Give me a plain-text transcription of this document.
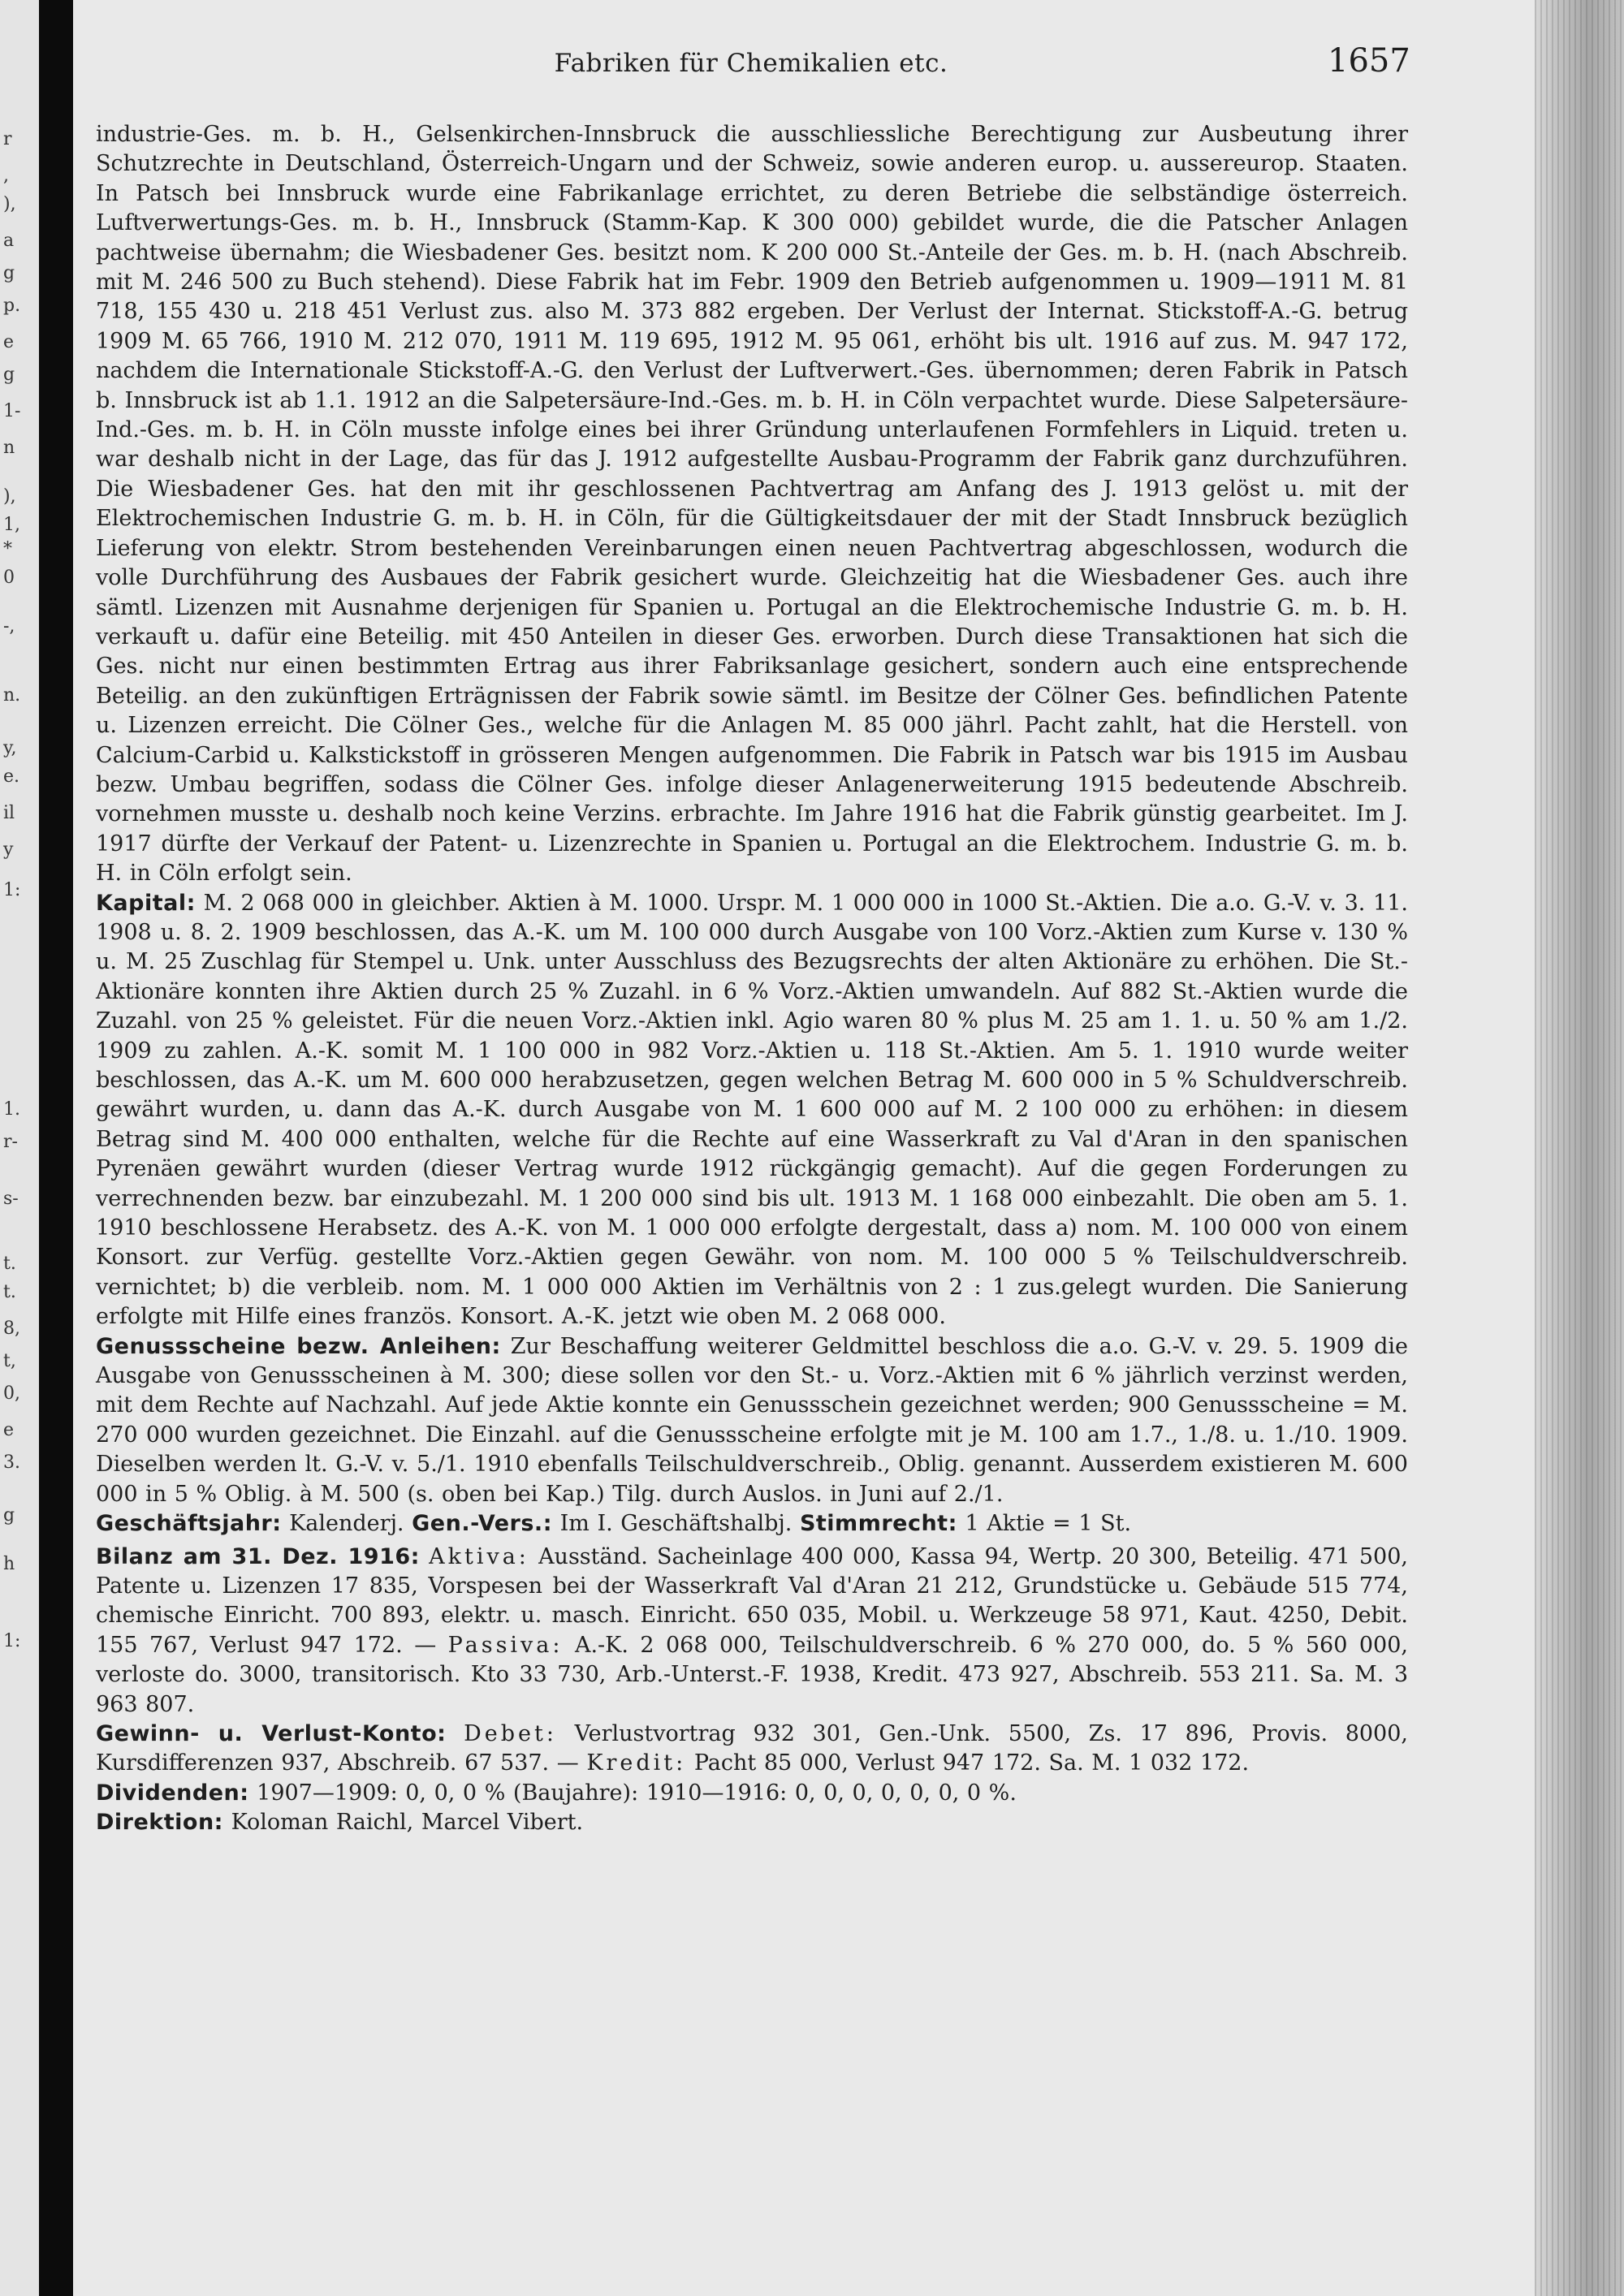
r
,
),
a
g
p.
e
g
1-
n
),
1,
*
0
-,
n.
y,
e.
il
y
1:
1.
r-
s-
t.
t.
8,
t,
0,
e
3.
g
h
1:
Fabriken für Chemikalien etc.	1657

industrie-Ges. m. b. H., Gelsenkirchen-Innsbruck die ausschliessliche Berechtigung zur Ausbeutung ihrer Schutzrechte in Deutschland, Österreich-Ungarn und der Schweiz, sowie anderen europ. u. aussereurop. Staaten. In Patsch bei Innsbruck wurde eine Fabrikanlage errichtet, zu deren Betriebe die selbständige österreich. Luftverwertungs-Ges. m. b. H., Innsbruck (Stamm-Kap. K 300 000) gebildet wurde, die die Patscher Anlagen pachtweise übernahm; die Wiesbadener Ges. besitzt nom. K 200 000 St.-Anteile der Ges. m. b. H. (nach Abschreib. mit M. 246 500 zu Buch stehend). Diese Fabrik hat im Febr. 1909 den Betrieb aufgenommen u. 1909—1911 M. 81 718, 155 430 u. 218 451 Verlust zus. also M. 373 882 ergeben. Der Verlust der Internat. Stickstoff-A.-G. betrug 1909 M. 65 766, 1910 M. 212 070, 1911 M. 119 695, 1912 M. 95 061, erhöht bis ult. 1916 auf zus. M. 947 172, nachdem die Internationale Stickstoff-A.-G. den Verlust der Luftverwert.-Ges. übernommen; deren Fabrik in Patsch b. Innsbruck ist ab 1.1. 1912 an die Salpetersäure-Ind.-Ges. m. b. H. in Cöln verpachtet wurde. Diese Salpetersäure-Ind.-Ges. m. b. H. in Cöln musste infolge eines bei ihrer Gründung unterlaufenen Formfehlers in Liquid. treten u. war deshalb nicht in der Lage, das für das J. 1912 aufgestellte Ausbau-Programm der Fabrik ganz durchzuführen. Die Wiesbadener Ges. hat den mit ihr geschlossenen Pachtvertrag am Anfang des J. 1913 gelöst u. mit der Elektrochemischen Industrie G. m. b. H. in Cöln, für die Gültigkeitsdauer der mit der Stadt Innsbruck bezüglich Lieferung von elektr. Strom bestehenden Vereinbarungen einen neuen Pachtvertrag abgeschlossen, wodurch die volle Durchführung des Ausbaues der Fabrik gesichert wurde. Gleichzeitig hat die Wiesbadener Ges. auch ihre sämtl. Lizenzen mit Ausnahme derjenigen für Spanien u. Portugal an die Elektrochemische Industrie G. m. b. H. verkauft u. dafür eine Beteilig. mit 450 Anteilen in dieser Ges. erworben. Durch diese Transaktionen hat sich die Ges. nicht nur einen bestimmten Ertrag aus ihrer Fabriksanlage gesichert, sondern auch eine entsprechende Beteilig. an den zukünftigen Erträgnissen der Fabrik sowie sämtl. im Besitze der Cölner Ges. befindlichen Patente u. Lizenzen erreicht. Die Cölner Ges., welche für die Anlagen M. 85 000 jährl. Pacht zahlt, hat die Herstell. von Calcium-Carbid u. Kalkstickstoff in grösseren Mengen aufgenommen. Die Fabrik in Patsch war bis 1915 im Ausbau bezw. Umbau begriffen, sodass die Cölner Ges. infolge dieser Anlagenerweiterung 1915 bedeutende Abschreib. vornehmen musste u. deshalb noch keine Verzins. erbrachte. Im Jahre 1916 hat die Fabrik günstig gearbeitet. Im J. 1917 dürfte der Verkauf der Patent- u. Lizenzrechte in Spanien u. Portugal an die Elektrochem. Industrie G. m. b. H. in Cöln erfolgt sein.

Kapital: M. 2 068 000 in gleichber. Aktien à M. 1000. Urspr. M. 1 000 000 in 1000 St.-Aktien. Die a.o. G.-V. v. 3. 11. 1908 u. 8. 2. 1909 beschlossen, das A.-K. um M. 100 000 durch Ausgabe von 100 Vorz.-Aktien zum Kurse v. 130 % u. M. 25 Zuschlag für Stempel u. Unk. unter Ausschluss des Bezugsrechts der alten Aktionäre zu erhöhen. Die St.-Aktionäre konnten ihre Aktien durch 25 % Zuzahl. in 6 % Vorz.-Aktien umwandeln. Auf 882 St.-Aktien wurde die Zuzahl. von 25 % geleistet. Für die neuen Vorz.-Aktien inkl. Agio waren 80 % plus M. 25 am 1. 1. u. 50 % am 1./2. 1909 zu zahlen. A.-K. somit M. 1 100 000 in 982 Vorz.-Aktien u. 118 St.-Aktien. Am 5. 1. 1910 wurde weiter beschlossen, das A.-K. um M. 600 000 herabzusetzen, gegen welchen Betrag M. 600 000 in 5 % Schuldverschreib. gewährt wurden, u. dann das A.-K. durch Ausgabe von M. 1 600 000 auf M. 2 100 000 zu erhöhen: in diesem Betrag sind M. 400 000 enthalten, welche für die Rechte auf eine Wasserkraft zu Val d'Aran in den spanischen Pyrenäen gewährt wurden (dieser Vertrag wurde 1912 rückgängig gemacht). Auf die gegen Forderungen zu verrechnenden bezw. bar einzubezahl. M. 1 200 000 sind bis ult. 1913 M. 1 168 000 einbezahlt. Die oben am 5. 1. 1910 beschlossene Herabsetz. des A.-K. von M. 1 000 000 erfolgte dergestalt, dass a) nom. M. 100 000 von einem Konsort. zur Verfüg. gestellte Vorz.-Aktien gegen Gewähr. von nom. M. 100 000 5 % Teilschuldverschreib. vernichtet; b) die verbleib. nom. M. 1 000 000 Aktien im Verhältnis von 2 : 1 zus.gelegt wurden. Die Sanierung erfolgte mit Hilfe eines französ. Konsort. A.-K. jetzt wie oben M. 2 068 000.

Genussscheine bezw. Anleihen: Zur Beschaffung weiterer Geldmittel beschloss die a.o. G.-V. v. 29. 5. 1909 die Ausgabe von Genussscheinen à M. 300; diese sollen vor den St.- u. Vorz.-Aktien mit 6 % jährlich verzinst werden, mit dem Rechte auf Nachzahl. Auf jede Aktie konnte ein Genussschein gezeichnet werden; 900 Genussscheine = M. 270 000 wurden gezeichnet. Die Einzahl. auf die Genussscheine erfolgte mit je M. 100 am 1.7., 1./8. u. 1./10. 1909. Dieselben werden lt. G.-V. v. 5./1. 1910 ebenfalls Teilschuldverschreib., Oblig. genannt. Ausserdem existieren M. 600 000 in 5 % Oblig. à M. 500 (s. oben bei Kap.) Tilg. durch Auslos. in Juni auf 2./1.

Geschäftsjahr: Kalenderj. Gen.-Vers.: Im I. Geschäftshalbj. Stimmrecht: 1 Aktie = 1 St.

Bilanz am 31. Dez. 1916: Aktiva: Ausständ. Sacheinlage 400 000, Kassa 94, Wertp. 20 300, Beteilig. 471 500, Patente u. Lizenzen 17 835, Vorspesen bei der Wasserkraft Val d'Aran 21 212, Grundstücke u. Gebäude 515 774, chemische Einricht. 700 893, elektr. u. masch. Einricht. 650 035, Mobil. u. Werkzeuge 58 971, Kaut. 4250, Debit. 155 767, Verlust 947 172. — Passiva: A.-K. 2 068 000, Teilschuldverschreib. 6 % 270 000, do. 5 % 560 000, verloste do. 3000, transitorisch. Kto 33 730, Arb.-Unterst.-F. 1938, Kredit. 473 927, Abschreib. 553 211. Sa. M. 3 963 807.

Gewinn- u. Verlust-Konto: Debet: Verlustvortrag 932 301, Gen.-Unk. 5500, Zs. 17 896, Provis. 8000, Kursdifferenzen 937, Abschreib. 67 537. — Kredit: Pacht 85 000, Verlust 947 172. Sa. M. 1 032 172.

Dividenden: 1907—1909: 0, 0, 0 % (Baujahre): 1910—1916: 0, 0, 0, 0, 0, 0, 0 %.

Direktion: Koloman Raichl, Marcel Vibert.
